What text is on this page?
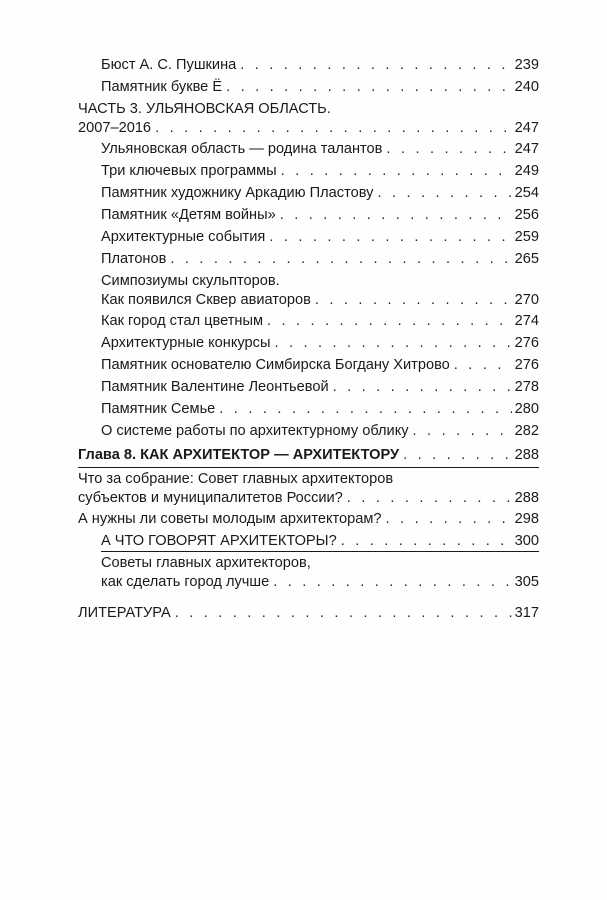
Бюст А. С. Пушкина . . .	239
Памятник букве Ё . . .	240
ЧАСТЬ 3. УЛЬЯНОВСКАЯ ОБЛАСТЬ.
2007–2016 . . .	247
Ульяновская область — родина талантов . . .	247
Три ключевых программы . . .	249
Памятник художнику Аркадию Пластову . . .	254
Памятник «Детям войны» . . .	256
Архитектурные события . . .	259
Платонов . . .	265
Симпозиумы скульпторов.
Как появился Сквер авиаторов . . .	270
Как город стал цветным . . .	274
Архитектурные конкурсы . . .	276
Памятник основателю Симбирска Богдану Хитрово . . .	276
Памятник Валентине Леонтьевой . . .	278
Памятник Семье . . .	280
О системе работы по архитектурному облику . . .	282
Глава 8. КАК АРХИТЕКТОР — АРХИТЕКТОРУ . . .	288
Что за собрание: Совет главных архитекторов
субъектов и муниципалитетов России? . . .	288
А нужны ли советы молодым архитекторам? . . .	298
А ЧТО ГОВОРЯТ АРХИТЕКТОРЫ? . . .	300
Советы главных архитекторов,
как сделать город лучше . . .	305
ЛИТЕРАТУРА . . .	317
